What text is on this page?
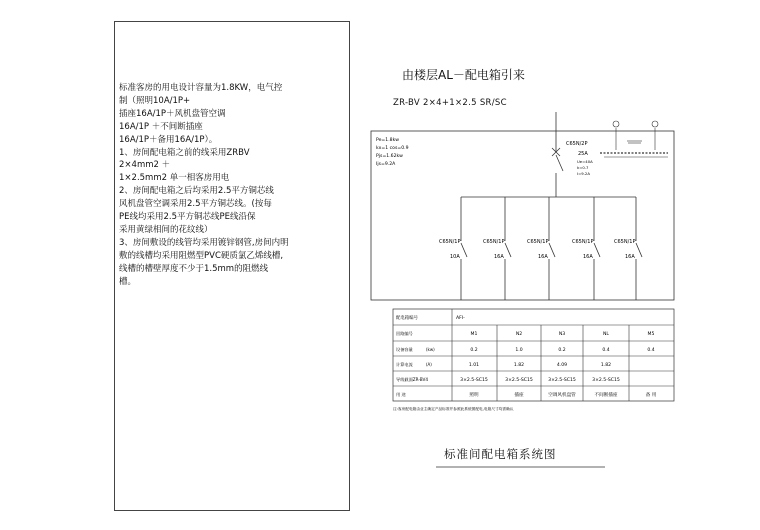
标准客房的用电设计容量为1.8KW，电气控
制（照明10A/1P+
插座16A/1P＋风机盘管空调
16A/1P ＋不间断插座
16A/1P＋备用16A/1P）。
1、房间配电箱之前的线采用ZRBV
2×4mm2 ＋
1×2.5mm2 单一相客房用电
2、房间配电箱之后均采用2.5平方铜芯线
风机盘管空调采用2.5平方铜芯线。(按每
PE线均采用2.5平方铜芯线PE线沿保
采用黄绿相间的花纹线）
3、房间敷设的线管均采用镀锌钢管,房间内明
敷的线槽均采用阻燃型PVC硬质氯乙烯线槽,
线槽的槽壁厚度不少于1.5mm的阻燃线
槽。
由楼层AL－配电箱引来
ZR-BV 2×4+1×2.5 SR/SC
标准间配电箱系统图
Pe=1.8kw
kx=1 cos=0.9
Pjs=1.62kw
Ijs=9.2A
C65N/2P
25A
Ue=40A
k=0.7
I=9.2A
C65N/1P
10A
C65N/1P
16A
C65N/1P
16A
C65N/1P
16A
C65N/1P
16A
配电箱编号	AFI-
回路编号	M1	N2	N3	NL	M5
设备容量	(kw)	0.2	1.0	0.2	0.4	0.4
计算电流	(A)	1.01	1.82	4.09	1.82
导线截面ZR-BV4	3×2.5-SC15	3×2.5-SC15	3×2.5-SC15	3×2.5-SC15
用 途	照明	插座	空调风机盘管	不间断插座	备 用
注:客房配电箱由业主确定产品标准并参照此系统图配电,电箱尺寸均需确认
